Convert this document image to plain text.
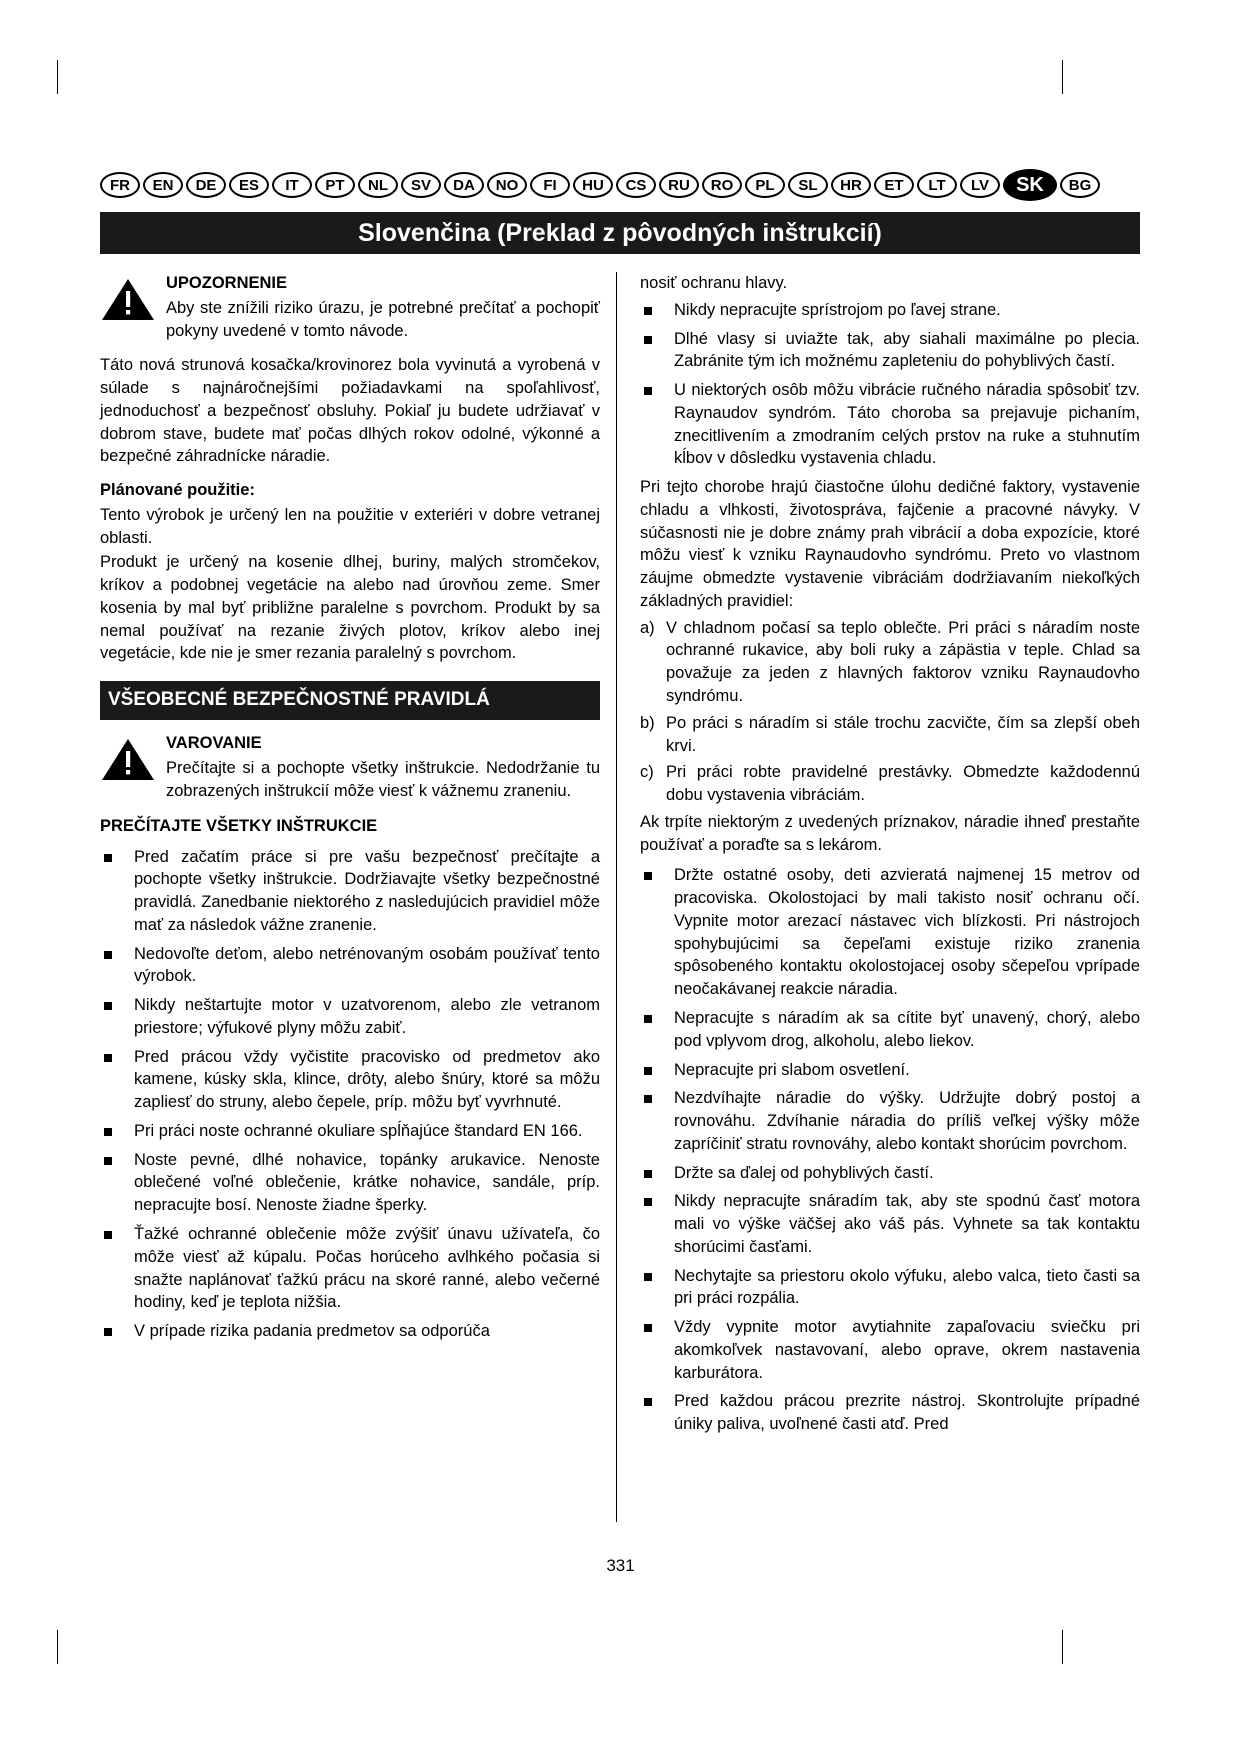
FR	EN	DE	ES	IT	PT	NL	SV	DA	NO	FI	HU	CS	RU	RO	PL	SL	HR	ET	LT	LV	SK	BG
Slovenčina (Preklad z pôvodných inštrukcií)
UPOZORNENIE
Aby ste znížili riziko úrazu, je potrebné prečítať a pochopiť pokyny uvedené v tomto návode.

Táto nová strunová kosačka/krovinorez bola vyvinutá a vyrobená v súlade s najnáročnejšími požiadavkami na spoľahlivosť, jednoduchosť a bezpečnosť obsluhy. Pokiaľ ju budete udržiavať v dobrom stave, budete mať počas dlhých rokov odolné, výkonné a bezpečné záhradnícke náradie.

Plánované použitie:

Tento výrobok je určený len na použitie v exteriéri v dobre vetranej oblasti.

Produkt je určený na kosenie dlhej, buriny, malých stromčekov, kríkov a podobnej vegetácie na alebo nad úrovňou zeme. Smer kosenia by mal byť približne paralelne s povrchom. Produkt by sa nemal používať na rezanie živých plotov, kríkov alebo inej vegetácie, kde nie je smer rezania paralelný s povrchom.

VŠEOBECNÉ BEZPEČNOSTNÉ PRAVIDLÁ
VAROVANIE
Prečítajte si a pochopte všetky inštrukcie. Nedodržanie tu zobrazených inštrukcií môže viesť k vážnemu zraneniu.
PREČÍTAJTE VŠETKY INŠTRUKCIE
Pred začatím práce si pre vašu bezpečnosť prečítajte a pochopte všetky inštrukcie. Dodržiavajte všetky bezpečnostné pravidlá. Zanedbanie niektorého z nasledujúcich pravidiel môže mať za následok vážne zranenie.
Nedovoľte deťom, alebo netrénovaným osobám používať tento výrobok.
Nikdy neštartujte motor v uzatvorenom, alebo zle vetranom priestore; výfukové plyny môžu zabiť.
Pred prácou vždy vyčistite pracovisko od predmetov ako kamene, kúsky skla, klince, drôty, alebo šnúry, ktoré sa môžu zapliesť do struny, alebo čepele, príp. môžu byť vyvrhnuté.
Pri práci noste ochranné okuliare spĺňajúce štandard EN 166.
Noste pevné, dlhé nohavice, topánky arukavice. Nenoste oblečené voľné oblečenie, krátke nohavice, sandále, príp. nepracujte bosí. Nenoste žiadne šperky.
Ťažké ochranné oblečenie môže zvýšiť únavu užívateľa, čo môže viesť až kúpalu. Počas horúceho avlhkého počasia si snažte naplánovať ťažkú prácu na skoré ranné, alebo večerné hodiny, keď je teplota nižšia.
V prípade rizika padania predmetov sa odporúča

nosiť ochranu hlavy.

Nikdy nepracujte sprístrojom po ľavej strane.
Dlhé vlasy si uviažte tak, aby siahali maximálne po plecia. Zabránite tým ich možnému zapleteniu do pohyblivých častí.
U niektorých osôb môžu vibrácie ručného náradia spôsobiť tzv. Raynaudov syndróm. Táto choroba sa prejavuje pichaním, znecitlivením a zmodraním celých prstov na ruke a stuhnutím kĺbov v dôsledku vystavenia chladu.

Pri tejto chorobe hrajú čiastočne úlohu dedičné faktory, vystavenie chladu a vlhkosti, životospráva, fajčenie a pracovné návyky. V súčasnosti nie je dobre známy prah vibrácií a doba expozície, ktoré môžu viesť k vzniku Raynaudovho syndrómu. Preto vo vlastnom záujme obmedzte vystavenie vibráciám dodržiavaním niekoľkých základných pravidiel:

a) V chladnom počasí sa teplo oblečte. Pri práci s náradím noste ochranné rukavice, aby boli ruky a zápästia v teple. Chlad sa považuje za jeden z hlavných faktorov vzniku Raynaudovho syndrómu.
b) Po práci s náradím si stále trochu zacvičte, čím sa zlepší obeh krvi.
c) Pri práci robte pravidelné prestávky. Obmedzte každodennú dobu vystavenia vibráciám.

Ak trpíte niektorým z uvedených príznakov, náradie ihneď prestaňte používať a poraďte sa s lekárom.

Držte ostatné osoby, deti azvieratá najmenej 15 metrov od pracoviska. Okolostojaci by mali takisto nosiť ochranu očí. Vypnite motor arezací nástavec vich blízkosti. Pri nástrojoch spohybujúcimi sa čepeľami existuje riziko zranenia spôsobeného kontaktu okolostojacej osoby sčepeľou vprípade neočakávanej reakcie náradia.
Nepracujte s náradím ak sa cítite byť unavený, chorý, alebo pod vplyvom drog, alkoholu, alebo liekov.
Nepracujte pri slabom osvetlení.
Nezdvíhajte náradie do výšky. Udržujte dobrý postoj a rovnováhu. Zdvíhanie náradia do príliš veľkej výšky môže zapríčiniť stratu rovnováhy, alebo kontakt shorúcim povrchom.
Držte sa ďalej od pohyblivých častí.
Nikdy nepracujte snáradím tak, aby ste spodnú časť motora mali vo výške väčšej ako váš pás. Vyhnete sa tak kontaktu shorúcimi časťami.
Nechytajte sa priestoru okolo výfuku, alebo valca, tieto časti sa pri práci rozpália.
Vždy vypnite motor avytiahnite zapaľovaciu sviečku pri akomkoľvek nastavovaní, alebo oprave, okrem nastavenia karburátora.
Pred každou prácou prezrite nástroj. Skontrolujte prípadné úniky paliva, uvoľnené časti atď. Pred
331
